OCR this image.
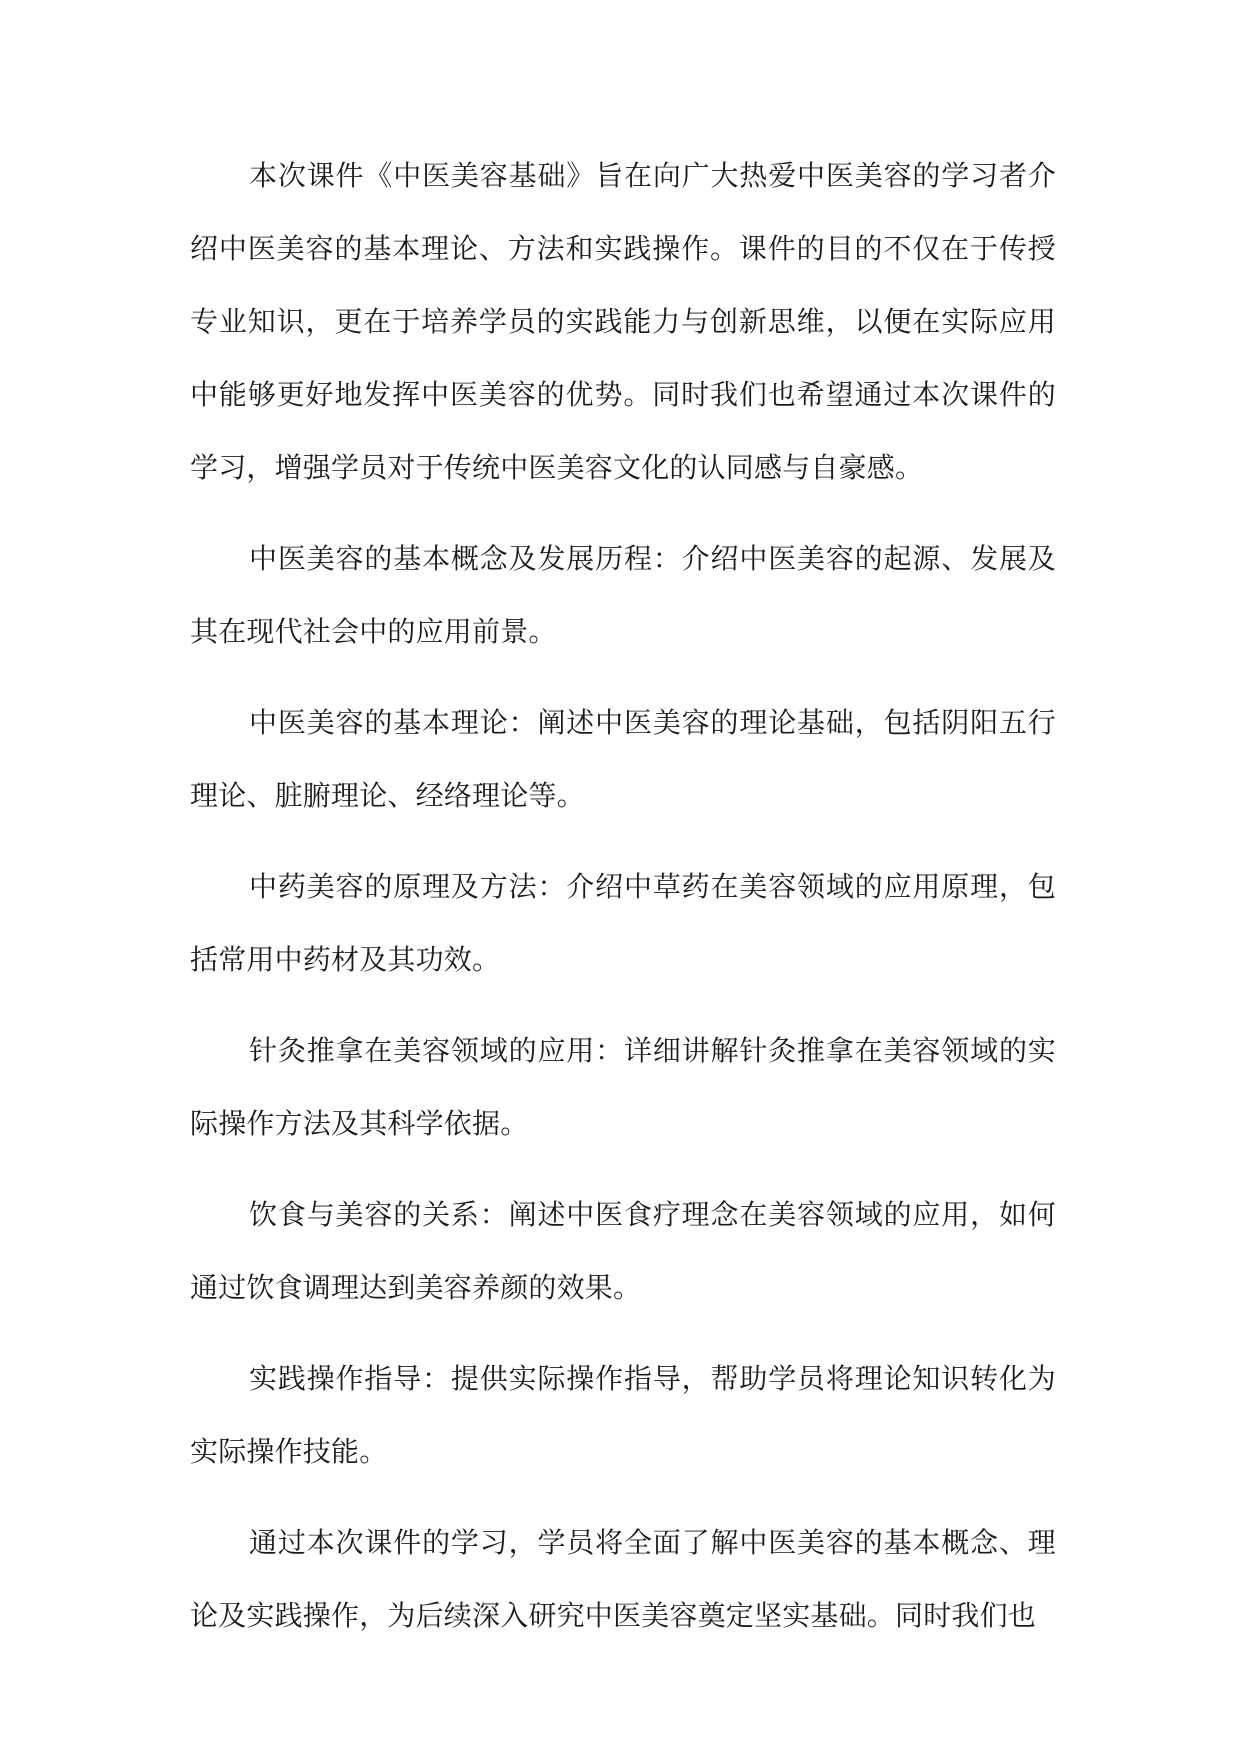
本次课件《中医美容基础》旨在向广大热爱中医美容的学习者介绍中医美容的基本理论、方法和实践操作。课件的目的不仅在于传授专业知识，更在于培养学员的实践能力与创新思维，以便在实际应用中能够更好地发挥中医美容的优势。同时我们也希望通过本次课件的学习，增强学员对于传统中医美容文化的认同感与自豪感。

中医美容的基本概念及发展历程：介绍中医美容的起源、发展及其在现代社会中的应用前景。

中医美容的基本理论：阐述中医美容的理论基础，包括阴阳五行理论、脏腑理论、经络理论等。

中药美容的原理及方法：介绍中草药在美容领域的应用原理，包括常用中药材及其功效。

针灸推拿在美容领域的应用：详细讲解针灸推拿在美容领域的实际操作方法及其科学依据。

饮食与美容的关系：阐述中医食疗理念在美容领域的应用，如何通过饮食调理达到美容养颜的效果。

实践操作指导：提供实际操作指导，帮助学员将理论知识转化为实际操作技能。

通过本次课件的学习，学员将全面了解中医美容的基本概念、理论及实践操作，为后续深入研究中医美容奠定坚实基础。同时我们也
